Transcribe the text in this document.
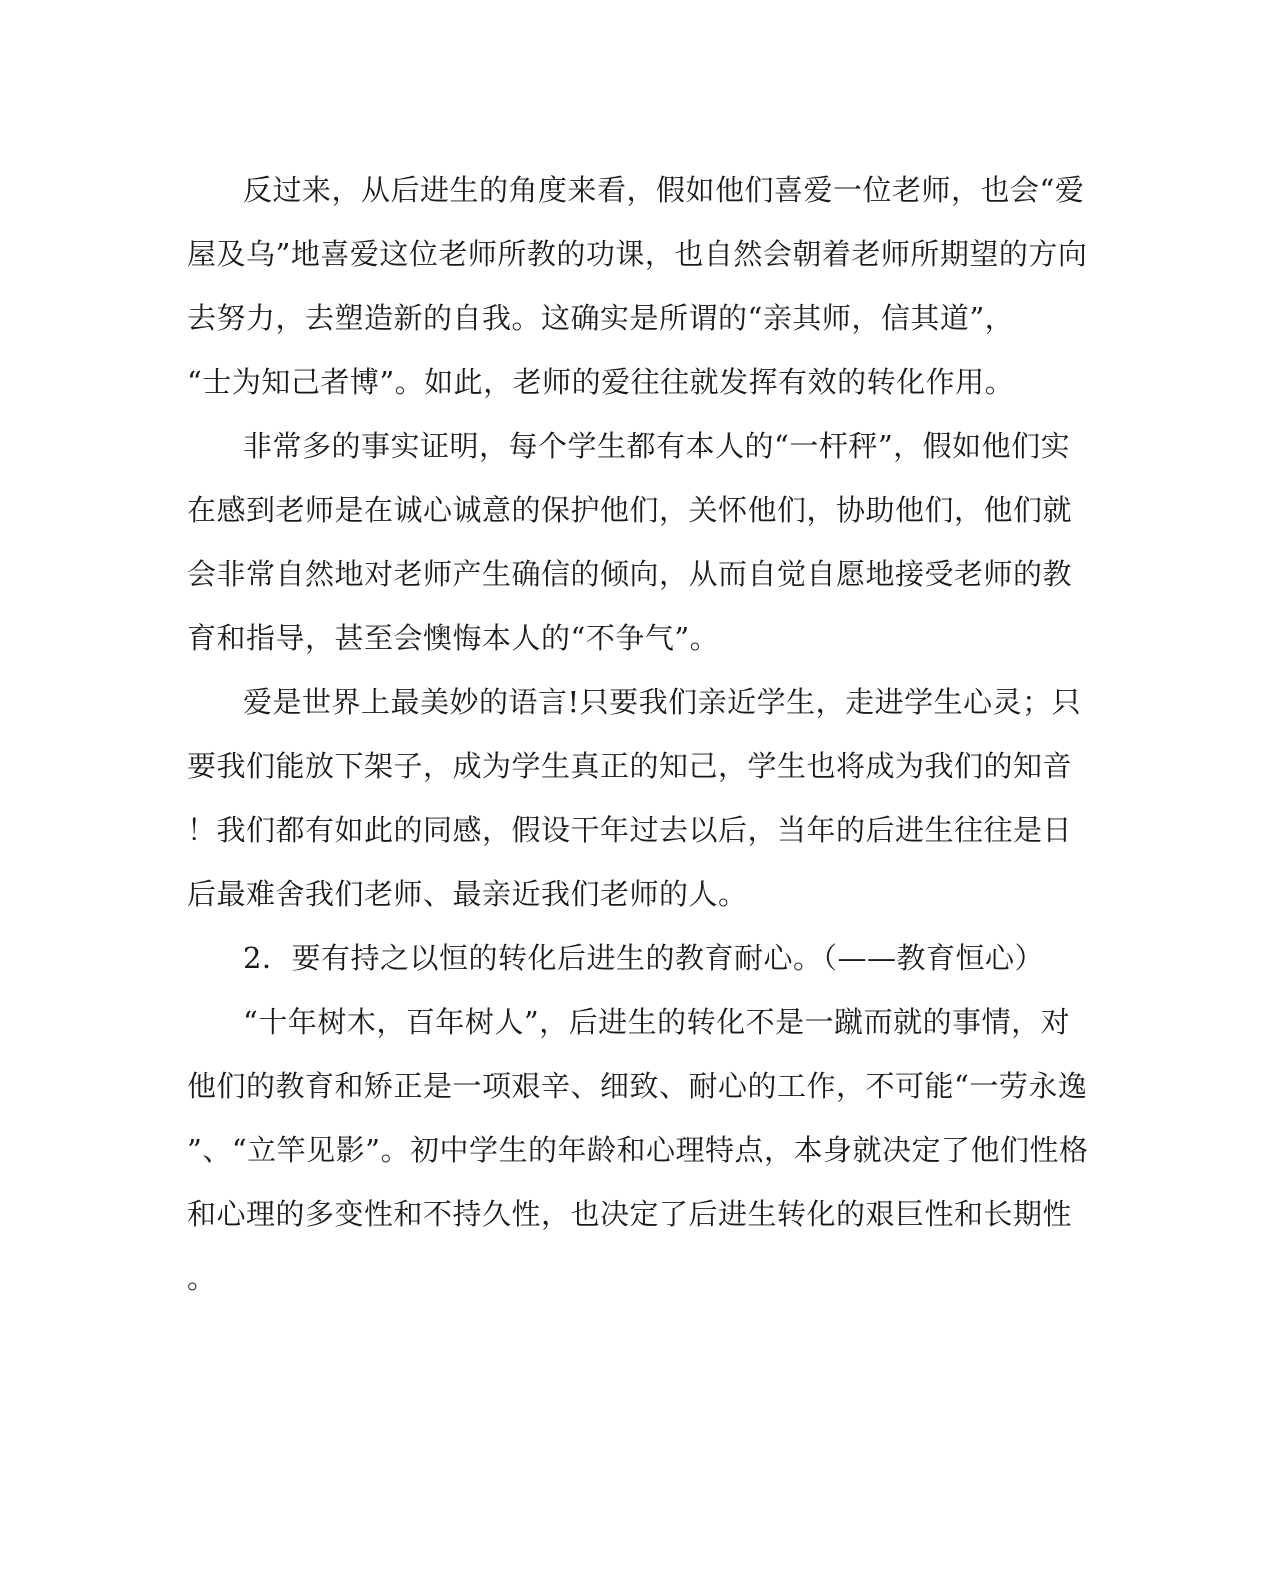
反过来，从后进生的角度来看，假如他们喜爱一位老师，也会“爱
屋及乌”地喜爱这位老师所教的功课，也自然会朝着老师所期望的方向
去努力，去塑造新的自我。这确实是所谓的“亲其师，信其道”，
“士为知己者博”。如此，老师的爱往往就发挥有效的转化作用。
非常多的事实证明，每个学生都有本人的“一杆秤”，假如他们实
在感到老师是在诚心诚意的保护他们，关怀他们，协助他们，他们就
会非常自然地对老师产生确信的倾向，从而自觉自愿地接受老师的教
育和指导，甚至会懊悔本人的“不争气”。
爱是世界上最美妙的语言!只要我们亲近学生，走进学生心灵；只
要我们能放下架子，成为学生真正的知己，学生也将成为我们的知音
！我们都有如此的同感，假设干年过去以后，当年的后进生往往是日
后最难舍我们老师、最亲近我们老师的人。
2．要有持之以恒的转化后进生的教育耐心。（——教育恒心）
“十年树木，百年树人”，后进生的转化不是一蹴而就的事情，对
他们的教育和矫正是一项艰辛、细致、耐心的工作，不可能“一劳永逸
”、“立竿见影”。初中学生的年龄和心理特点，本身就决定了他们性格
和心理的多变性和不持久性，也决定了后进生转化的艰巨性和长期性
。
